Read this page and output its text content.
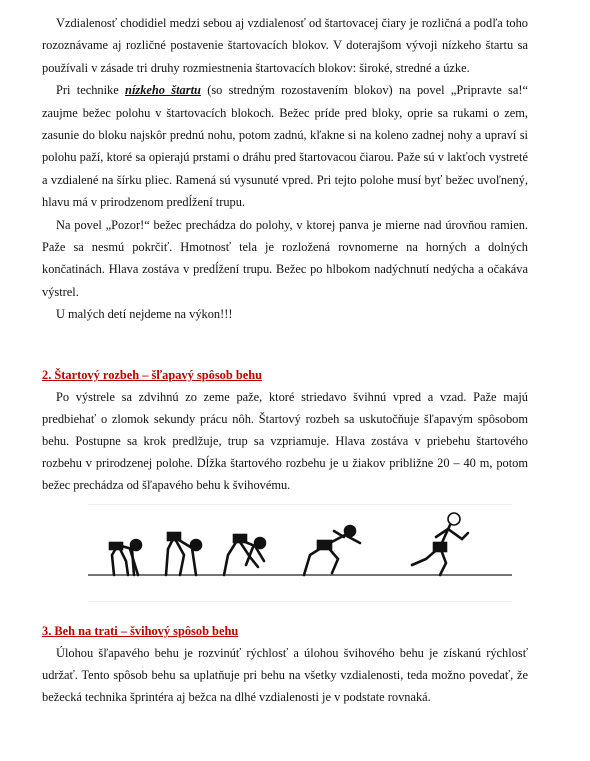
Vzdialenosť chodidiel medzi sebou aj vzdialenosť od štartovacej čiary je rozličná a podľa toho rozoznávame aj rozličné postavenie štartovacích blokov. V doterajšom vývoji nízkeho štartu sa používali v zásade tri druhy rozmiestnenia štartovacích blokov: široké, stredné a úzke.

Pri technike nízkeho štartu (so stredným rozostavením blokov) na povel „Pripravte sa!“ zaujme bežec polohu v štartovacích blokoch. Bežec príde pred bloky, oprie sa rukami o zem, zasunie do bloku najskôr prednú nohu, potom zadnú, kľakne si na koleno zadnej nohy a upraví si polohu paží, ktoré sa opierajú prstami o dráhu pred štartovacou čiarou. Paže sú v lakťoch vystreté a vzdialené na šírku pliec. Ramená sú vysunuté vpred. Pri tejto polohe musí byť bežec uvoľnený, hlavu má v prirodzenom predĺžení trupu.

Na povel „Pozor!“ bežec prechádza do polohy, v ktorej panva je mierne nad úrovňou ramien. Paže sa nesmú pokrčiť. Hmotnosť tela je rozložená rovnomerne na horných a dolných končatinách. Hlava zostáva v predĺžení trupu. Bežec po hlbokom nadýchnutí nedýcha a očakáva výstrel.

U malých detí nejdeme na výkon!!!

2. Štartový rozbeh – šľapavý spôsob behu

Po výstrele sa zdvihnú zo zeme paže, ktoré striedavo švihnú vpred a vzad. Paže majú predbiehať o zlomok sekundy prácu nôh. Štartový rozbeh sa uskutočňuje šľapavým spôsobom behu. Postupne sa krok predlžuje, trup sa vzpriamuje. Hlava zostáva v priebehu štartového rozbehu v prirodzenej polohe. Dĺžka štartového rozbehu je u žiakov približne 20 – 40 m, potom bežec prechádza od šľapavého behu k švihovému.

3. Beh na trati – švihový spôsob behu

Úlohou šľapavého behu je rozvinúť rýchlosť a úlohou švihového behu je získanú rýchlosť udržať. Tento spôsob behu sa uplatňuje pri behu na všetky vzdialenosti, teda možno povedať, že bežecká technika šprintéra aj bežca na dlhé vzdialenosti je v podstate rovnaká.
